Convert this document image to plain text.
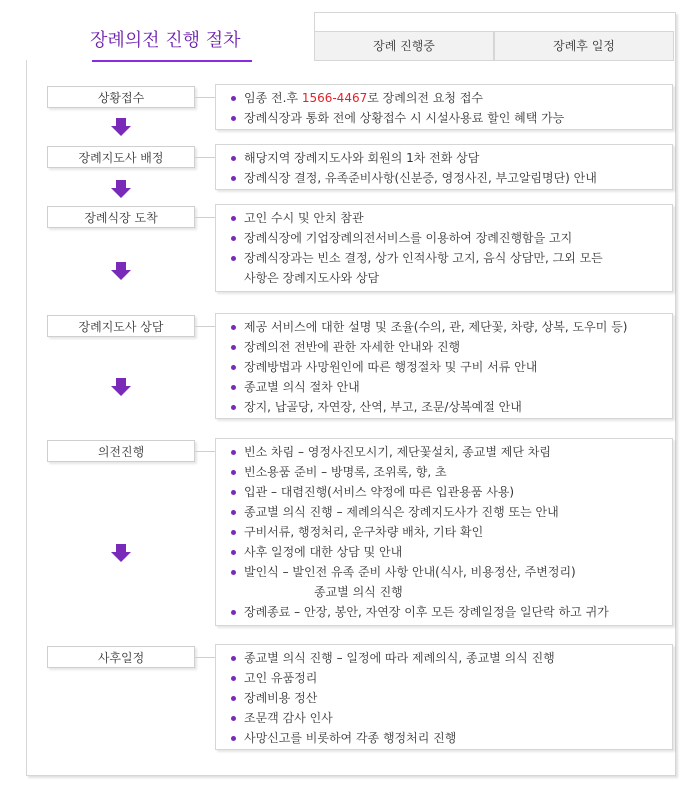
장례의전 진행 절차	장례 진행중	장례후 일정
상황접수	임종 전.후 1566-4467로 장례의전 요청 접수
장례식장과 통화 전에 상황접수 시 시설사용료 할인 혜택 가능
장례지도사 배정	해당지역 장례지도사와 회원의 1차 전화 상담
장례식장 결정, 유족준비사항(신분증, 영정사진, 부고알림명단) 안내
장례식장 도착	고인 수시 및 안치 참관
장례식장에 기업장례의전서비스를 이용하여 장례진행함을 고지
장례식장과는 빈소 결정, 상가 인적사항 고지, 음식 상담만, 그외 모든
사항은 장례지도사와 상담
장례지도사 상담	제공 서비스에 대한 설명 및 조율(수의, 관, 제단꽃, 차량, 상복, 도우미 등)
장례의전 전반에 관한 자세한 안내와 진행
장례방법과 사망원인에 따른 행정절차 및 구비 서류 안내
종교별 의식 절차 안내
장지, 납골당, 자연장, 산역, 부고, 조문/상복예절 안내
의전진행	빈소 차림 – 영정사진모시기, 제단꽃설치, 종교별 제단 차림
빈소용품 준비 – 방명록, 조위록, 향, 초
입관 – 대렴진행(서비스 약정에 따른 입관용품 사용)
종교별 의식 진행 – 제례의식은 장례지도사가 진행 또는 안내
구비서류, 행정처리, 운구차량 배차, 기타 확인
사후 일정에 대한 상담 및 안내
발인식 – 발인전 유족 준비 사항 안내(식사, 비용정산, 주변정리)
종교별 의식 진행
장례종료 – 안장, 봉안, 자연장 이후 모든 장례일정을 일단락 하고 귀가
사후일정	종교별 의식 진행 – 일정에 따라 제례의식, 종교별 의식 진행
고인 유품정리
장례비용 정산
조문객 감사 인사
사망신고를 비롯하여 각종 행정처리 진행
